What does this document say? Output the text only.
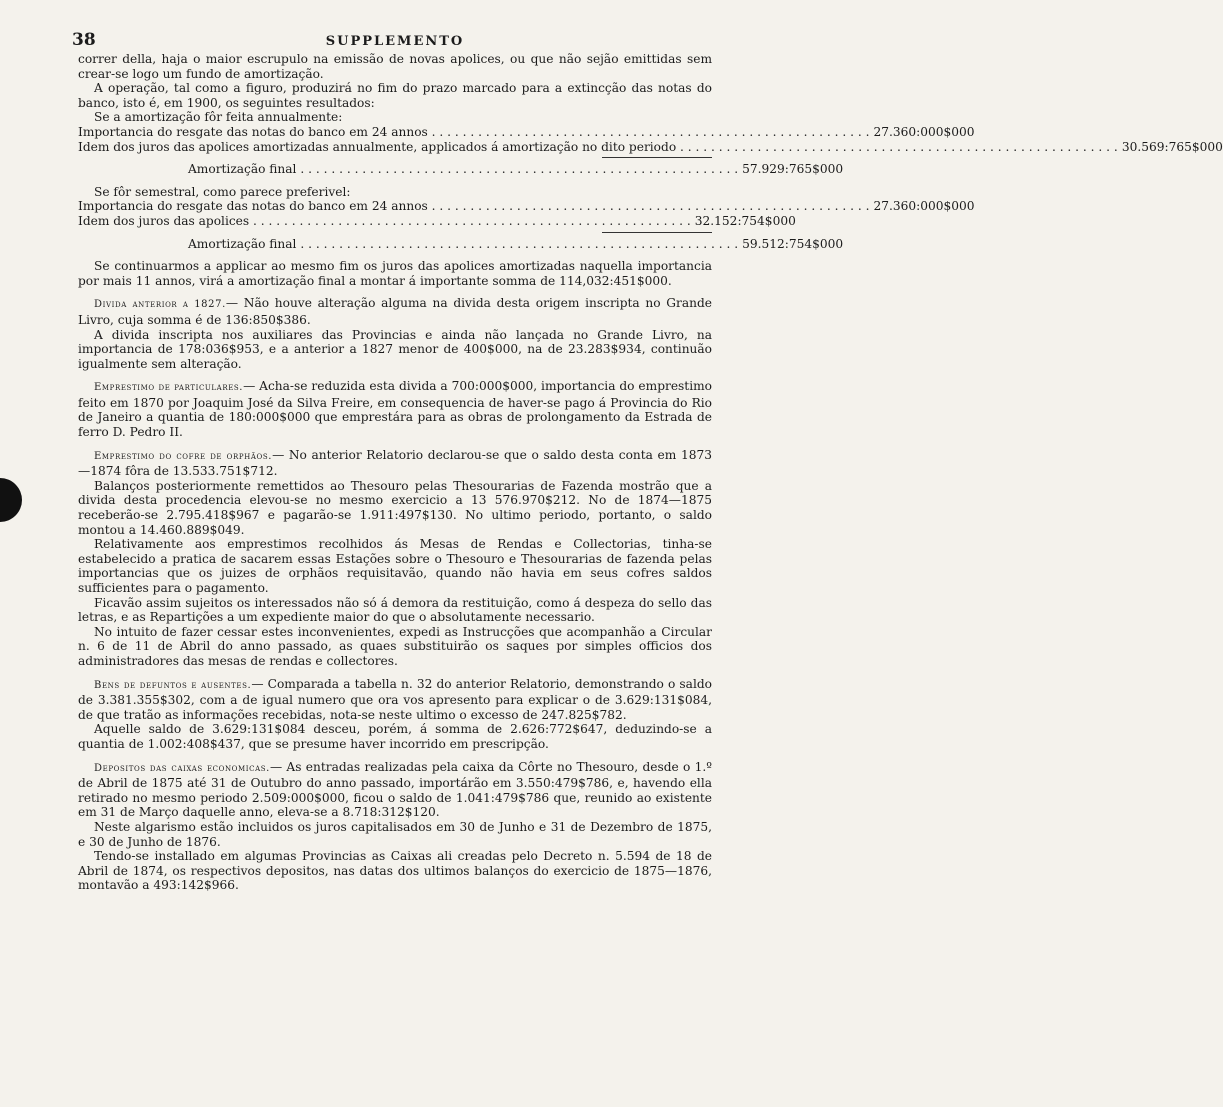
38	SUPPLEMENTO

correr della, haja o maior escrupulo na emissão de novas apolices, ou que não sejão emittidas sem crear-se logo um fundo de amortização.

A operação, tal como a figuro, produzirá no fim do prazo marcado para a extincção das notas do banco, isto é, em 1900, os seguintes resultados:

Se a amortização fôr feita annualmente:

Importancia do resgate das notas do banco em 24 annos . . .	27.360:000$000
Idem dos juros das apolices amortizadas annualmente, applicados á amortização no dito periodo . . .	30.569:765$000
Amortização final . . .	57.929:765$000

Se fôr semestral, como parece preferivel:

Importancia do resgate das notas do banco em 24 annos . . .	27.360:000$000
Idem dos juros das apolices . . .	32.152:754$000
Amortização final . . .	59.512:754$000

Se continuarmos a applicar ao mesmo fim os juros das apolices amortizadas naquella importancia por mais 11 annos, virá a amortização final a montar á importante somma de 114,032:451$000.

Divida anterior a 1827.— Não houve alteração alguma na divida desta origem inscripta no Grande Livro, cuja somma é de 136:850$386.

A divida inscripta nos auxiliares das Provincias e ainda não lançada no Grande Livro, na importancia de 178:036$953, e a anterior a 1827 menor de 400$000, na de 23.283$934, continuão igualmente sem alteração.

Emprestimo de particulares.— Acha-se reduzida esta divida a 700:000$000, importancia do emprestimo feito em 1870 por Joaquim José da Silva Freire, em consequencia de haver-se pago á Provincia do Rio de Janeiro a quantia de 180:000$000 que emprestára para as obras de prolongamento da Estrada de ferro D. Pedro II.

Emprestimo do cofre de orphãos.— No anterior Relatorio declarou-se que o saldo desta conta em 1873—1874 fôra de 13.533.751$712.

Balanços posteriormente remettidos ao Thesouro pelas Thesourarias de Fazenda mostrão que a divida desta procedencia elevou-se no mesmo exercicio a 13 576.970$212. No de 1874—1875 receberão-se 2.795.418$967 e pagarão-se 1.911:497$130. No ultimo periodo, portanto, o saldo montou a 14.460.889$049.

Relativamente aos emprestimos recolhidos ás Mesas de Rendas e Collectorias, tinha-se estabelecido a pratica de sacarem essas Estações sobre o Thesouro e Thesourarias de fazenda pelas importancias que os juizes de orphãos requisitavão, quando não havia em seus cofres saldos sufficientes para o pagamento.

Ficavão assim sujeitos os interessados não só á demora da restituição, como á despeza do sello das letras, e as Repartições a um expediente maior do que o absolutamente necessario.

No intuito de fazer cessar estes inconvenientes, expedi as Instrucções que acompanhão a Circular n. 6 de 11 de Abril do anno passado, as quaes substituirão os saques por simples officios dos administradores das mesas de rendas e collectores.

Bens de defuntos e ausentes.— Comparada a tabella n. 32 do anterior Relatorio, demonstrando o saldo de 3.381.355$302, com a de igual numero que ora vos apresento para explicar o de 3.629:131$084, de que tratão as informações recebidas, nota-se neste ultimo o excesso de 247.825$782.

Aquelle saldo de 3.629:131$084 desceu, porém, á somma de 2.626:772$647, deduzindo-se a quantia de 1.002:408$437, que se presume haver incorrido em prescripção.

Depositos das caixas economicas.— As entradas realizadas pela caixa da Côrte no Thesouro, desde o 1.º de Abril de 1875 até 31 de Outubro do anno passado, importárão em 3.550:479$786, e, havendo ella retirado no mesmo periodo 2.509:000$000, ficou o saldo de 1.041:479$786 que, reunido ao existente em 31 de Março daquelle anno, eleva-se a 8.718:312$120.

Neste algarismo estão incluidos os juros capitalisados em 30 de Junho e 31 de Dezembro de 1875, e 30 de Junho de 1876.

Tendo-se installado em algumas Provincias as Caixas ali creadas pelo Decreto n. 5.594 de 18 de Abril de 1874, os respectivos depositos, nas datas dos ultimos balanços do exercicio de 1875—1876, montavão a 493:142$966.
